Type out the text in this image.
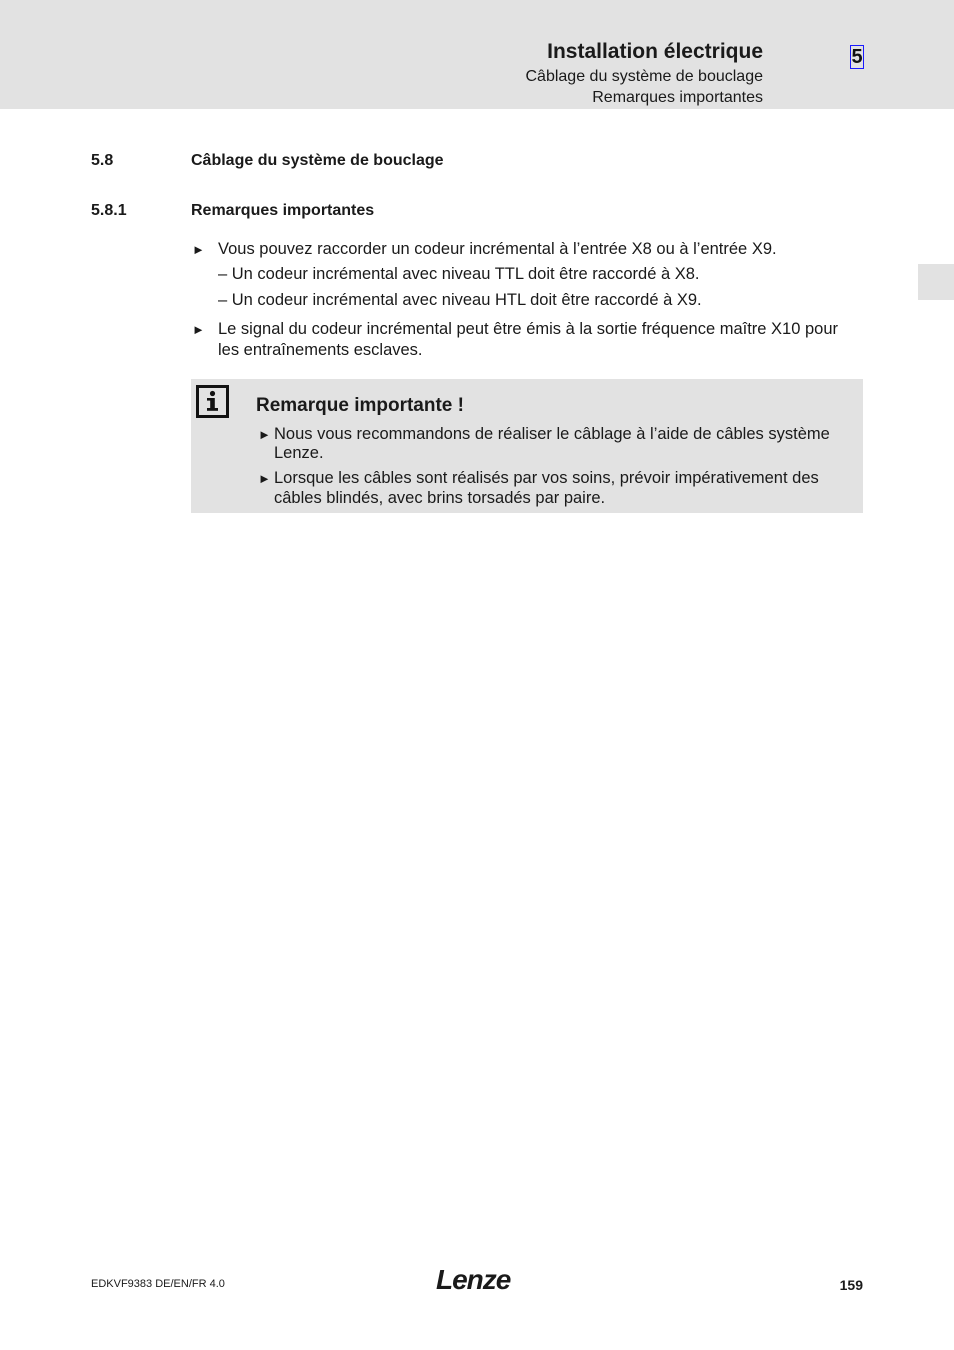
Installation électrique
Câblage du système de bouclage
Remarques importantes
5
5.8	Câblage du système de bouclage
5.8.1	Remarques importantes
► Vous pouvez raccorder un codeur incrémental à l’entrée X8 ou à l’entrée X9.
– Un codeur incrémental avec niveau TTL doit être raccordé à X8.
– Un codeur incrémental avec niveau HTL doit être raccordé à X9.
► Le signal du codeur incrémental peut être émis à la sortie fréquence maître X10 pour
les entraînements esclaves.
Remarque importante !
► Nous vous recommandons de réaliser le câblage à l’aide de câbles système
Lenze.
► Lorsque les câbles sont réalisés par vos soins, prévoir impérativement des
câbles blindés, avec brins torsadés par paire.
EDKVF9383 DE/EN/FR 4.0	Lenze	159
